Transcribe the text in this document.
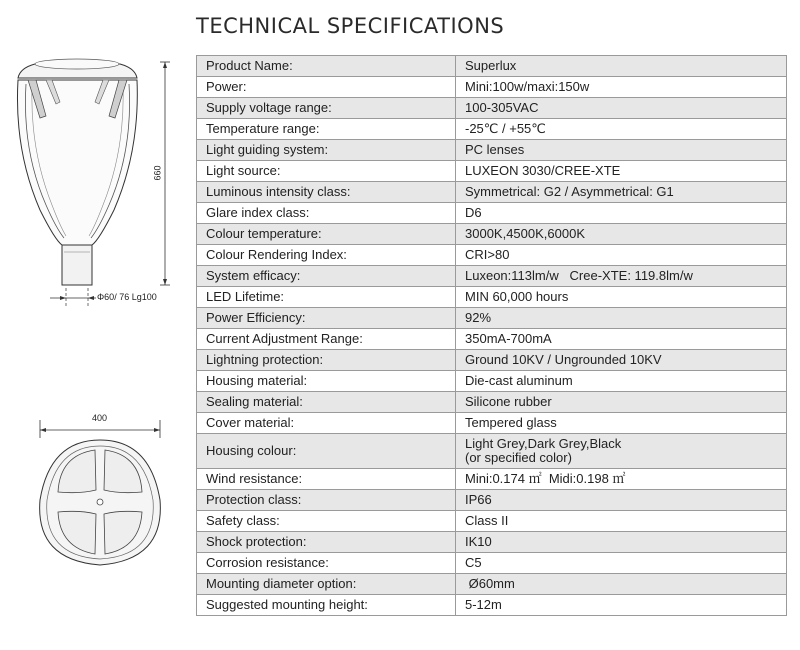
660
Φ60/ 76 Lg100
400
TECHNICAL SPECIFICATIONS
Product Name:	Superlux
Power:	Mini:100w/maxi:150w
Supply voltage range:	100-305VAC
Temperature range:	-25℃ / +55℃
Light guiding system:	PC lenses
Light source:	LUXEON 3030/CREE-XTE
Luminous intensity class:	Symmetrical: G2 / Asymmetrical: G1
Glare index class:	D6
Colour temperature:	3000K,4500K,6000K
Colour Rendering Index:	CRI>80
System efficacy:	Luxeon:113lm/w   Cree-XTE: 119.8lm/w
LED Lifetime:	MIN 60,000 hours
Power Efficiency:	92%
Current Adjustment Range:	350mA-700mA
Lightning protection:	Ground 10KV / Ungrounded 10KV
Housing material:	Die-cast aluminum
Sealing material:	Silicone rubber
Cover material:	Tempered glass
Housing colour:	Light Grey,Dark Grey,Black
(or specified color)

Wind resistance:	Mini:0.174 ㎡  Midi:0.198 ㎡
Protection class:	IP66
Safety class:	Class II
Shock protection:	IK10
Corrosion resistance:	C5
Mounting diameter option:	Ø60mm
Suggested mounting height:	5-12m
